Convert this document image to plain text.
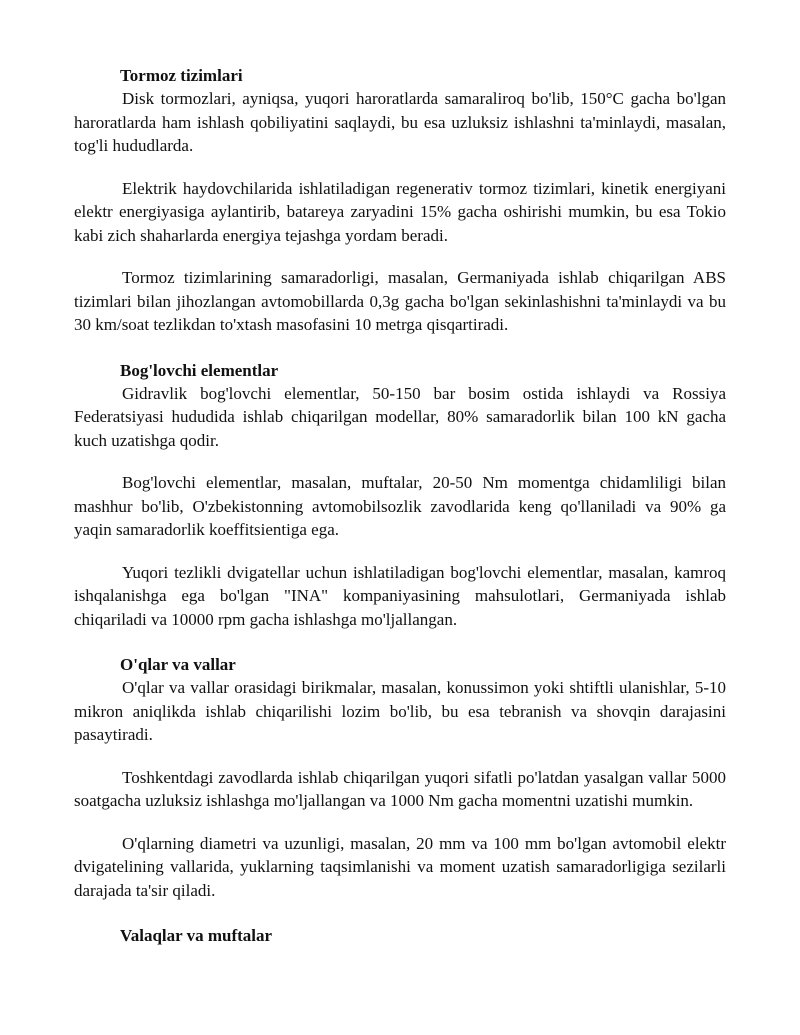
Tormoz tizimlari

Disk tormozlari, ayniqsa, yuqori haroratlarda samaraliroq bo'lib, 150°C gacha bo'lgan haroratlarda ham ishlash qobiliyatini saqlaydi, bu esa uzluksiz ishlashni ta'minlaydi, masalan, tog'li hududlarda.

Elektrik haydovchilarida ishlatiladigan regenerativ tormoz tizimlari, kinetik energiyani elektr energiyasiga aylantirib, batareya zaryadini 15% gacha oshirishi mumkin, bu esa Tokio kabi zich shaharlarda energiya tejashga yordam beradi.

Tormoz tizimlarining samaradorligi, masalan, Germaniyada ishlab chiqarilgan ABS tizimlari bilan jihozlangan avtomobillarda 0,3g gacha bo'lgan sekinlashishni ta'minlaydi va bu 30 km/soat tezlikdan to'xtash masofasini 10 metrga qisqartiradi.

Bog'lovchi elementlar

Gidravlik bog'lovchi elementlar, 50-150 bar bosim ostida ishlaydi va Rossiya Federatsiyasi hududida ishlab chiqarilgan modellar, 80% samaradorlik bilan 100 kN gacha kuch uzatishga qodir.

Bog'lovchi elementlar, masalan, muftalar, 20-50 Nm momentga chidamliligi bilan mashhur bo'lib, O'zbekistonning avtomobilsozlik zavodlarida keng qo'llaniladi va 90% ga yaqin samaradorlik koeffitsientiga ega.

Yuqori tezlikli dvigatellar uchun ishlatiladigan bog'lovchi elementlar, masalan, kamroq ishqalanishga ega bo'lgan "INA" kompaniyasining mahsulotlari, Germaniyada ishlab chiqariladi va 10000 rpm gacha ishlashga mo'ljallangan.

O'qlar va vallar

O'qlar va vallar orasidagi birikmalar, masalan, konussimon yoki shtiftli ulanishlar, 5-10 mikron aniqlikda ishlab chiqarilishi lozim bo'lib, bu esa tebranish va shovqin darajasini pasaytiradi.

Toshkentdagi zavodlarda ishlab chiqarilgan yuqori sifatli po'latdan yasalgan vallar 5000 soatgacha uzluksiz ishlashga mo'ljallangan va 1000 Nm gacha momentni uzatishi mumkin.

O'qlarning diametri va uzunligi, masalan, 20 mm va 100 mm bo'lgan avtomobil elektr dvigatelining vallarida, yuklarning taqsimlanishi va moment uzatish samaradorligiga sezilarli darajada ta'sir qiladi.

Valaqlar va muftalar
